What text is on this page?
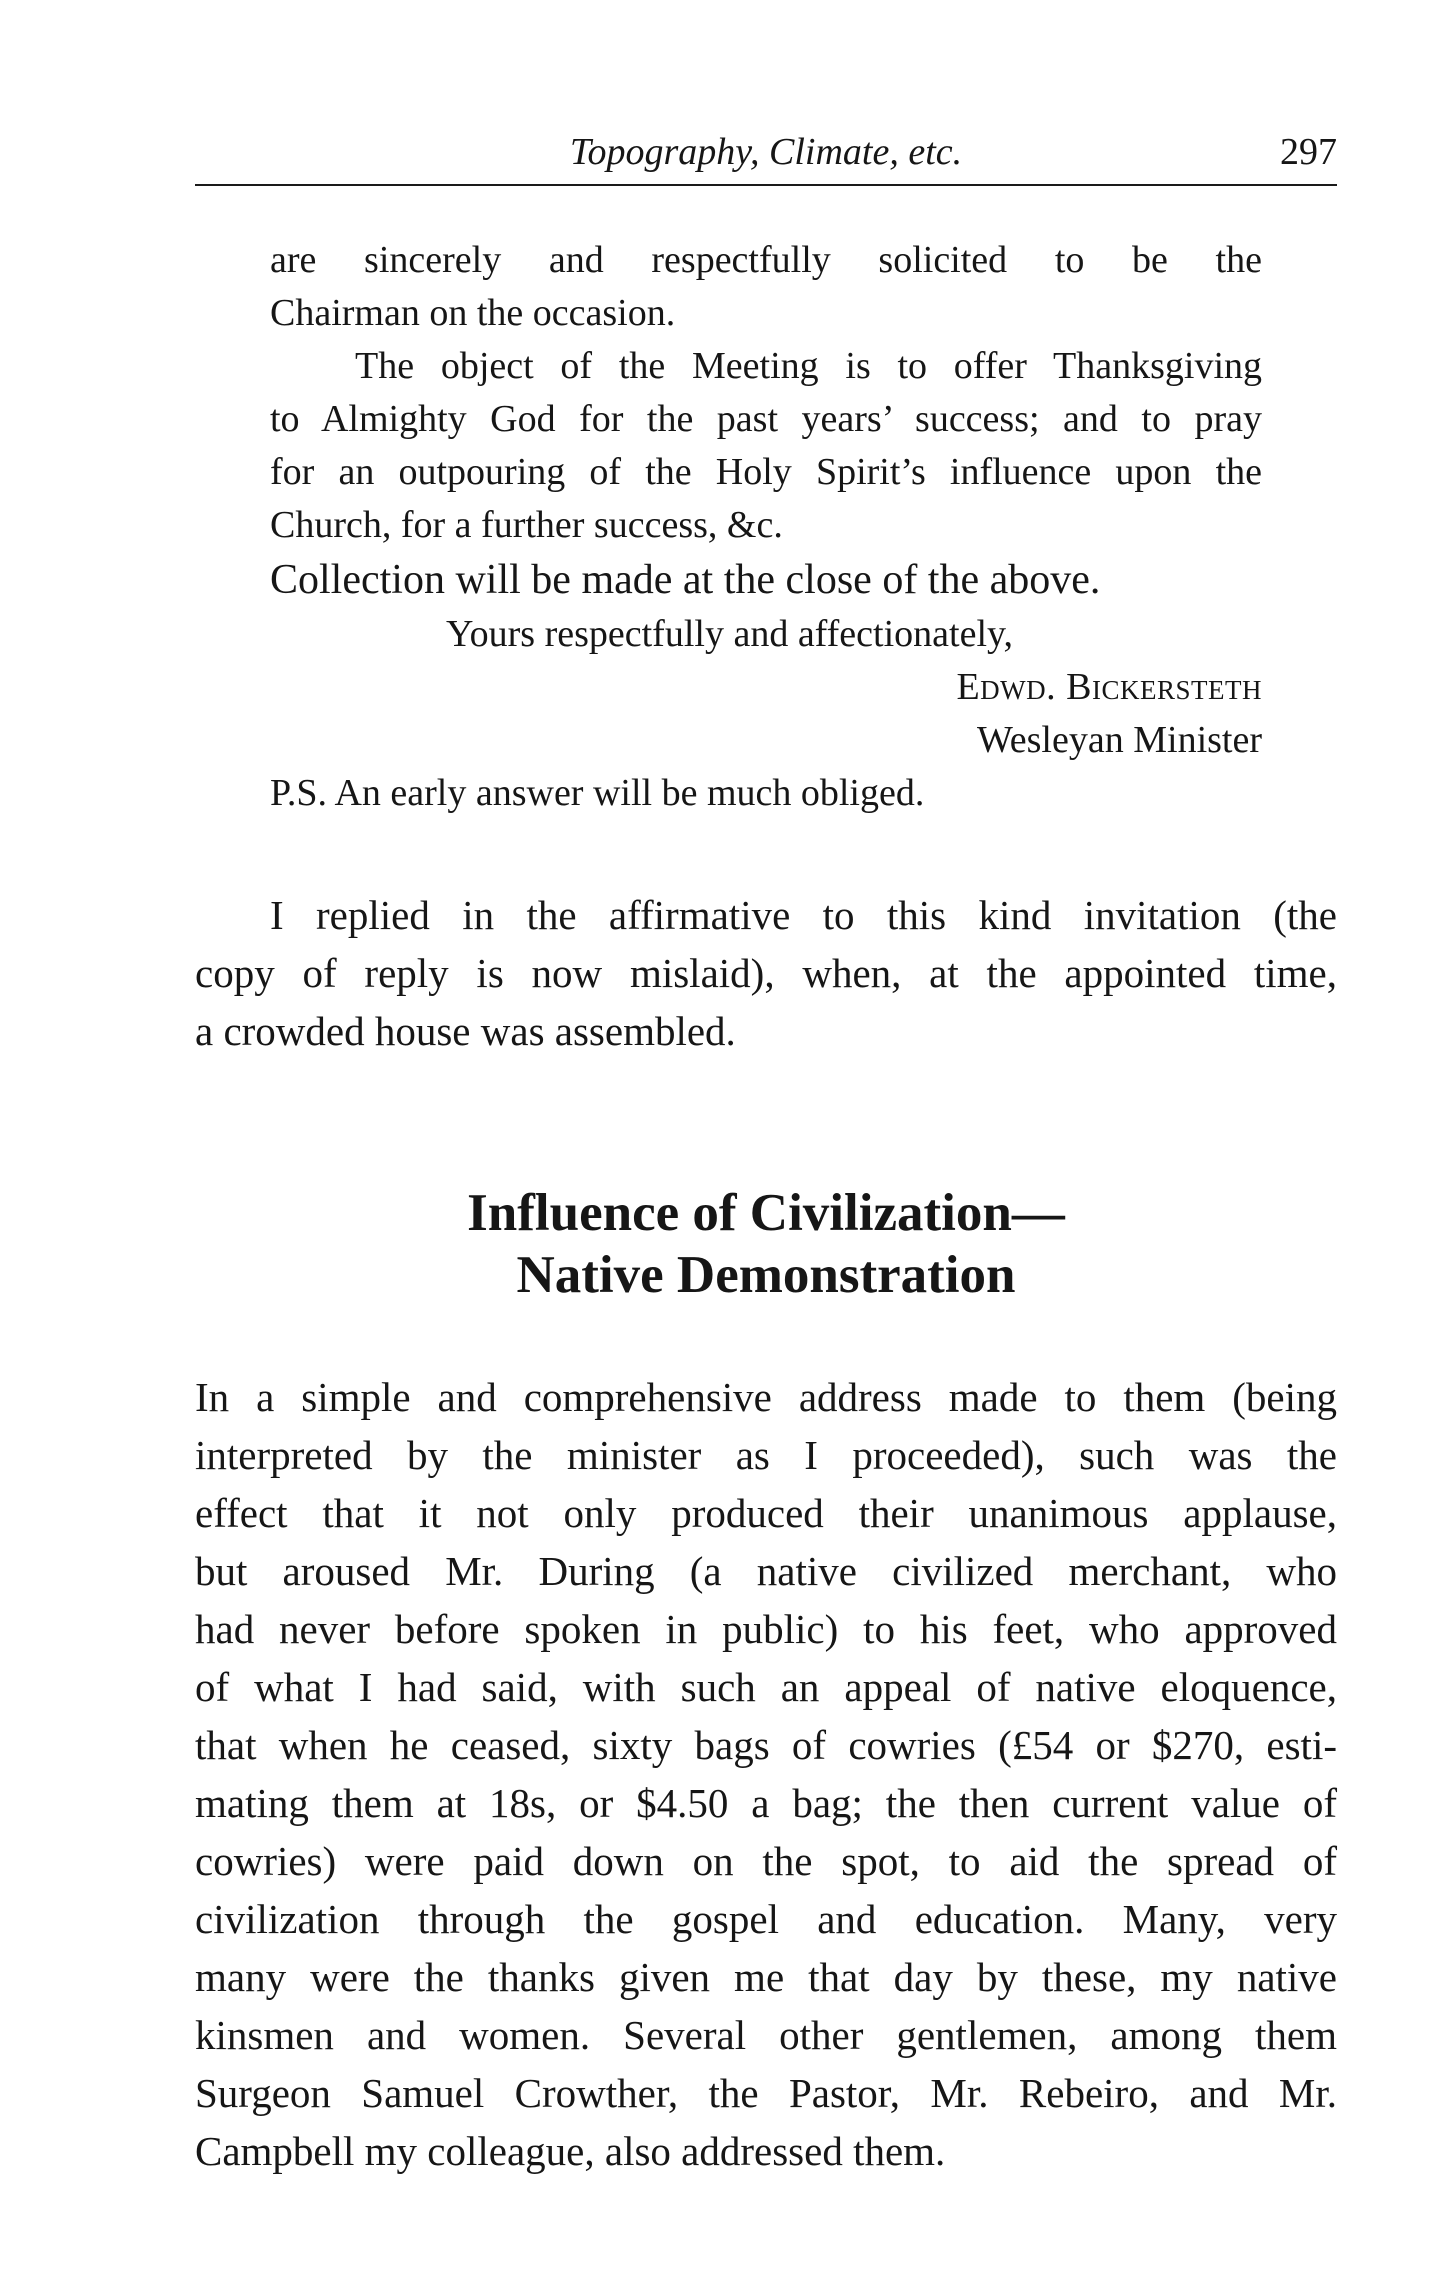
Topography, Climate, etc.	297

are sincerely and respectfully solicited to be the

Chairman on the occasion.

The object of the Meeting is to offer Thanksgiving

to Almighty God for the past years’ success; and to pray

for an outpouring of the Holy Spirit’s influence upon the

Church, for a further success, &c.

Collection will be made at the close of the above.

Yours respectfully and affectionately,

Edwd. Bickersteth

Wesleyan Minister

P.S. An early answer will be much obliged.

I replied in the affirmative to this kind invitation (the

copy of reply is now mislaid), when, at the appointed time,

a crowded house was assembled.

Influence of Civilization—
Native Demonstration

In a simple and comprehensive address made to them (being

interpreted by the minister as I proceeded), such was the

effect that it not only produced their unanimous applause,

but aroused Mr. During (a native civilized merchant, who

had never before spoken in public) to his feet, who approved

of what I had said, with such an appeal of native eloquence,

that when he ceased, sixty bags of cowries (£54 or $270, esti-

mating them at 18s, or $4.50 a bag; the then current value of

cowries) were paid down on the spot, to aid the spread of

civilization through the gospel and education. Many, very

many were the thanks given me that day by these, my native

kinsmen and women. Several other gentlemen, among them

Surgeon Samuel Crowther, the Pastor, Mr. Rebeiro, and Mr.

Campbell my colleague, also addressed them.
